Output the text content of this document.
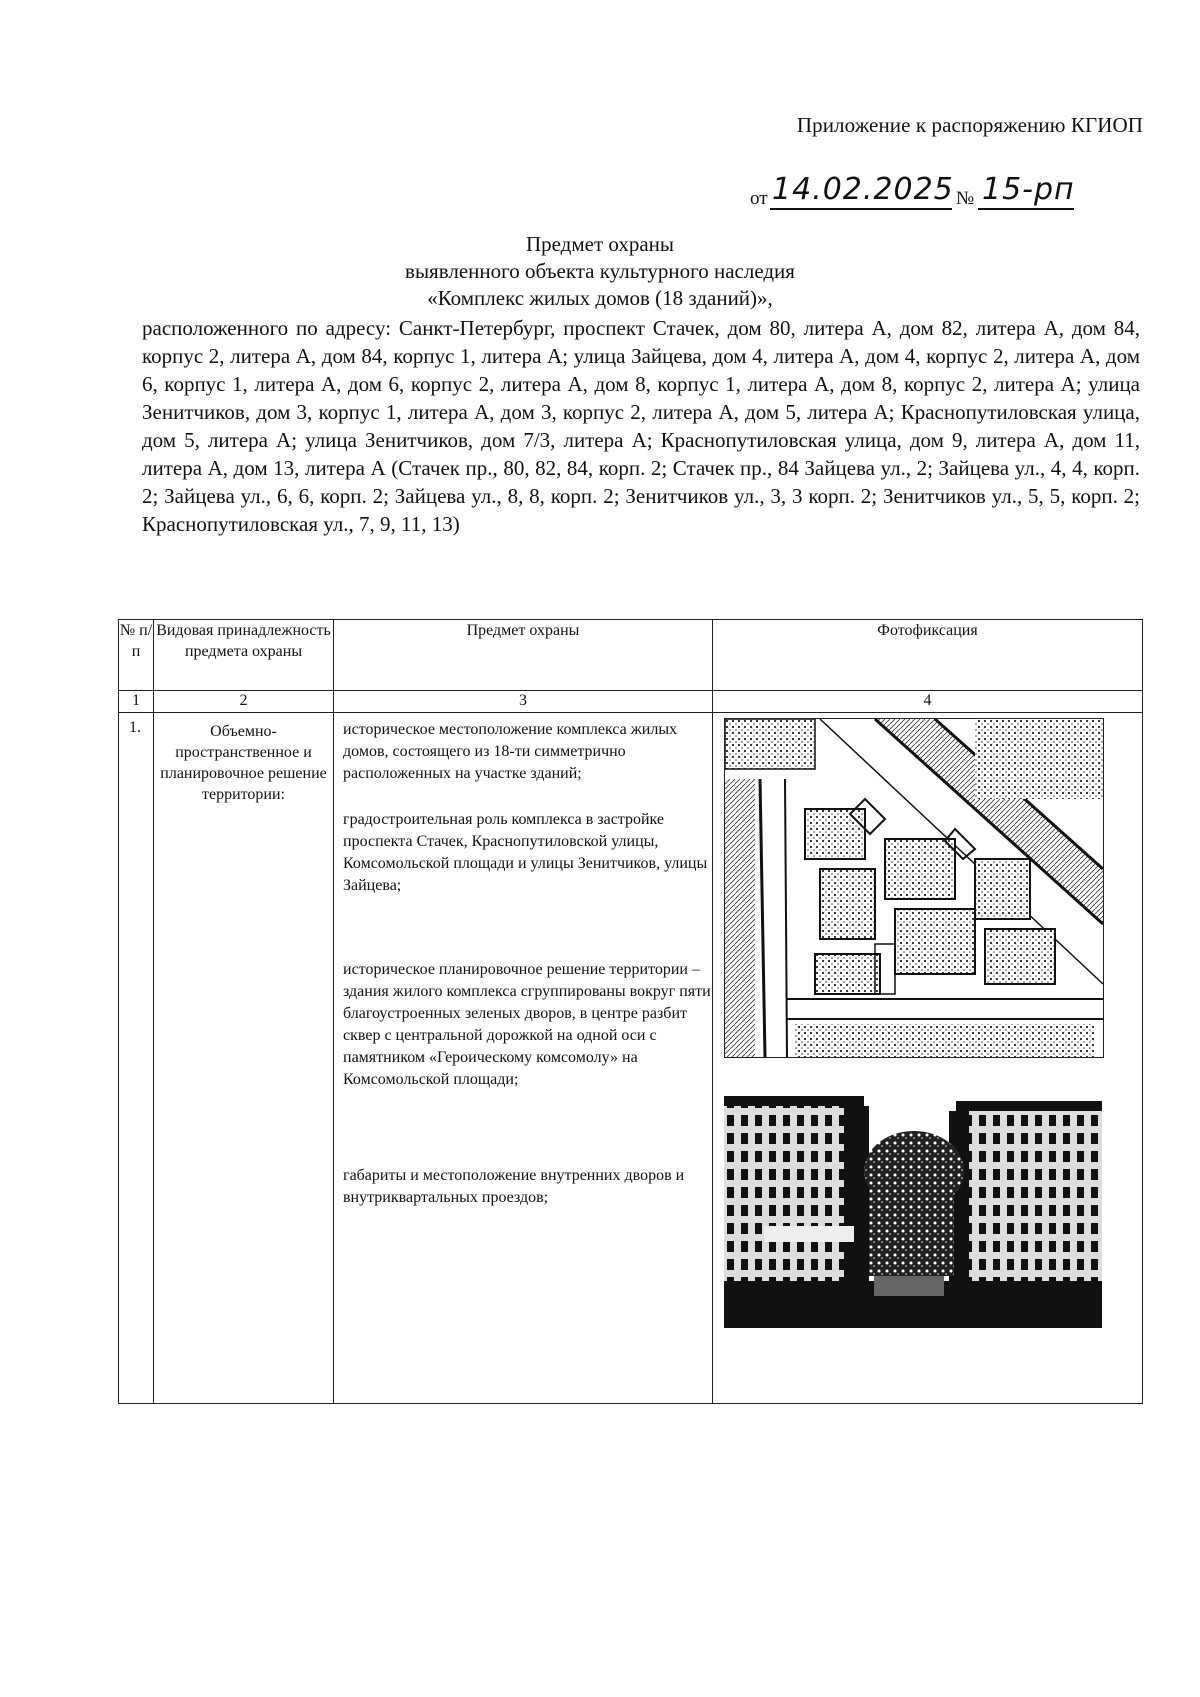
Приложение к распоряжению КГИОП
от 14.02.2025 № 15-рп
Предмет охраны
выявленного объекта культурного наследия
«Комплекс жилых домов (18 зданий)»,
расположенного по адресу: Санкт-Петербург, проспект Стачек, дом 80, литера А, дом 82, литера А, дом 84, корпус 2, литера А, дом 84, корпус 1, литера А; улица Зайцева, дом 4, литера А, дом 4, корпус 2, литера А, дом 6, корпус 1, литера А, дом 6, корпус 2, литера А, дом 8, корпус 1, литера А, дом 8, корпус 2, литера А; улица Зенитчиков, дом 3, корпус 1, литера А, дом 3, корпус 2, литера А, дом 5, литера А; Краснопутиловская улица, дом 5, литера А; улица Зенитчиков, дом 7/3, литера А; Краснопутиловская улица, дом 9, литера А, дом 11, литера А, дом 13, литера А (Стачек пр., 80, 82, 84, корп. 2; Стачек пр., 84 Зайцева ул., 2; Зайцева ул., 4, 4, корп. 2; Зайцева ул., 6, 6, корп. 2; Зайцева ул., 8, 8, корп. 2; Зенитчиков ул., 3, 3 корп. 2; Зенитчиков ул., 5, 5, корп. 2; Краснопутиловская ул., 7, 9, 11, 13)
№ п/п	Видовая принадлежность предмета охраны	Предмет охраны	Фотофиксация
1	2	3	4

1.	Объемно-пространственное и планировочное решение территории:	историческое местоположение комплекса жилых домов, состоящего из 18-ти симметрично расположенных на участке зданий;

градостроительная роль комплекса в застройке проспекта Стачек, Краснопутиловской улицы, Комсомольской площади и улицы Зенитчиков, улицы Зайцева;

историческое планировочное решение территории – здания жилого комплекса сгруппированы вокруг пяти благоустроенных зеленых дворов, в центре разбит сквер с центральной дорожкой на одной оси с памятником «Героическому комсомолу» на Комсомольской площади;

габариты и местоположение внутренних дворов и внутриквартальных проездов;
